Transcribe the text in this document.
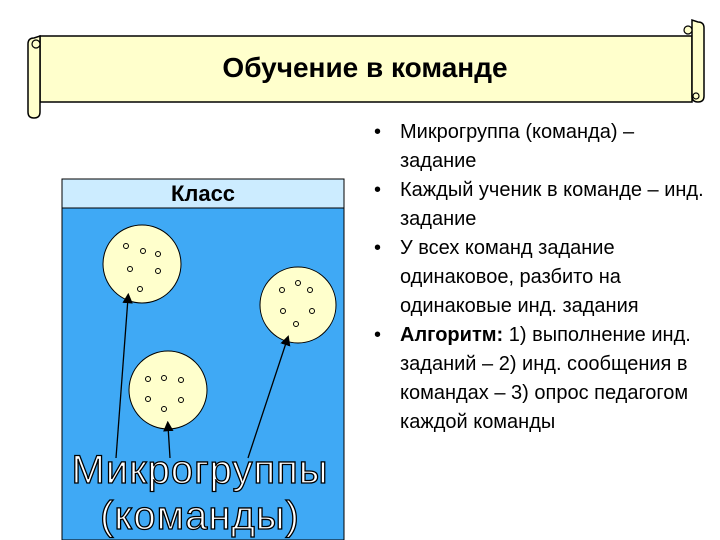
Обучение в команде
Класс
Микрогруппы
(команды)
• Микрогруппа (команда) – задание
• Каждый ученик в команде – инд. задание
• У всех команд задание одинаковое, разбито на одинаковые инд. задания
• Алгоритм: 1) выполнение инд. заданий – 2) инд. сообщения в командах – 3) опрос педагогом каждой команды
